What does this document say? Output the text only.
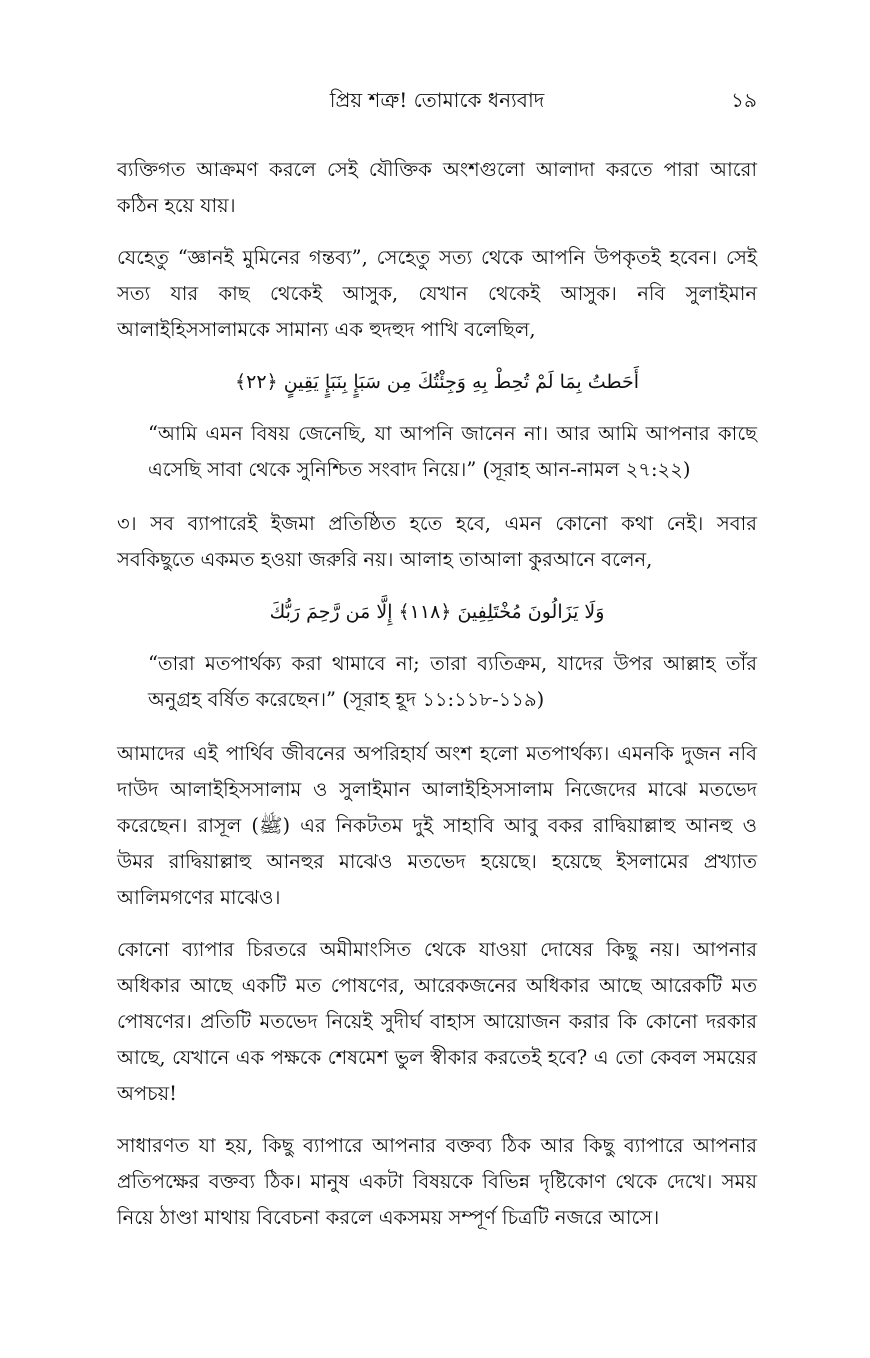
প্রিয় শত্রু! তোমাকে ধন্যবাদ	১৯

ব্যক্তিগত আক্রমণ করলে সেই যৌক্তিক অংশগুলো আলাদা করতে পারা আরো কঠিন হয়ে যায়।

যেহেতু “জ্ঞানই মুমিনের গন্তব্য”, সেহেতু সত্য থেকে আপনি উপকৃতই হবেন। সেই সত্য যার কাছ থেকেই আসুক, যেখান থেকেই আসুক। নবি সুলাইমান আলাইহিসসালামকে সামান্য এক হুদহুদ পাখি বলেছিল,

أَحَطتُ بِمَا لَمْ تُحِطْ بِهِ وَجِئْتُكَ مِن سَبَإٍ بِنَبَإٍ يَقِينٍ ﴿٢٢﴾

“আমি এমন বিষয় জেনেছি, যা আপনি জানেন না। আর আমি আপনার কাছে এসেছি সাবা থেকে সুনিশ্চিত সংবাদ নিয়ে।” (সূরাহ আন-নামল ২৭:২২)

৩। সব ব্যাপারেই ইজমা প্রতিষ্ঠিত হতে হবে, এমন কোনো কথা নেই। সবার সবকিছুতে একমত হওয়া জরুরি নয়। আলাহ তাআলা কুরআনে বলেন,

وَلَا يَزَالُونَ مُخْتَلِفِينَ ﴿١١٨﴾ إِلَّا مَن رَّحِمَ رَبُّكَ

“তারা মতপার্থক্য করা থামাবে না; তারা ব্যতিক্রম, যাদের উপর আল্লাহ তাঁর অনুগ্রহ বর্ষিত করেছেন।” (সূরাহ হূদ ১১:১১৮-১১৯)

আমাদের এই পার্থিব জীবনের অপরিহার্য অংশ হলো মতপার্থক্য। এমনকি দুজন নবি দাউদ আলাইহিসসালাম ও সুলাইমান আলাইহিসসালাম নিজেদের মাঝে মতভেদ করেছেন। রাসূল (ﷺ) এর নিকটতম দুই সাহাবি আবু বকর রাদ্বিয়াল্লাহু আনহু ও উমর রাদ্বিয়াল্লাহু আনহুর মাঝেও মতভেদ হয়েছে। হয়েছে ইসলামের প্রখ্যাত আলিমগণের মাঝেও।

কোনো ব্যাপার চিরতরে অমীমাংসিত থেকে যাওয়া দোষের কিছু নয়। আপনার অধিকার আছে একটি মত পোষণের, আরেকজনের অধিকার আছে আরেকটি মত পোষণের। প্রতিটি মতভেদ নিয়েই সুদীর্ঘ বাহাস আয়োজন করার কি কোনো দরকার আছে, যেখানে এক পক্ষকে শেষমেশ ভুল স্বীকার করতেই হবে? এ তো কেবল সময়ের অপচয়!

সাধারণত যা হয়, কিছু ব্যাপারে আপনার বক্তব্য ঠিক আর কিছু ব্যাপারে আপনার প্রতিপক্ষের বক্তব্য ঠিক। মানুষ একটা বিষয়কে বিভিন্ন দৃষ্টিকোণ থেকে দেখে। সময় নিয়ে ঠাণ্ডা মাথায় বিবেচনা করলে একসময় সম্পূর্ণ চিত্রটি নজরে আসে।
